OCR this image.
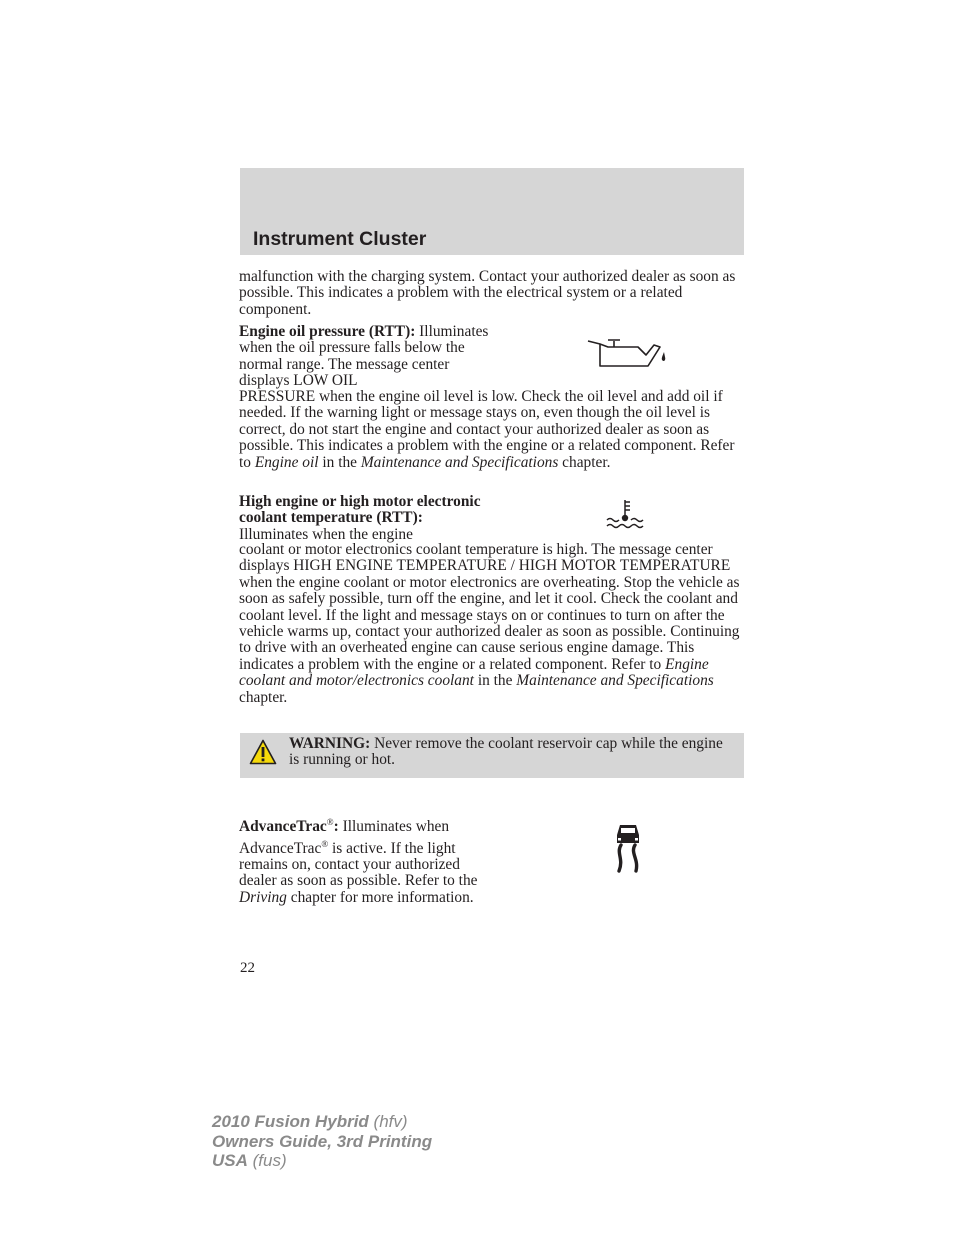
Instrument Cluster
malfunction with the charging system. Contact your authorized dealer as soon as possible. This indicates a problem with the electrical system or a related component.
Engine oil pressure (RTT): Illuminates when the oil pressure falls below the normal range. The message center displays LOW OIL
PRESSURE when the engine oil level is low. Check the oil level and add oil if needed. If the warning light or message stays on, even though the oil level is correct, do not start the engine and contact your authorized dealer as soon as possible. This indicates a problem with the engine or a related component. Refer to Engine oil in the Maintenance and Specifications chapter.
High engine or high motor electronic coolant temperature (RTT): Illuminates when the engine
coolant or motor electronics coolant temperature is high. The message center displays HIGH ENGINE TEMPERATURE / HIGH MOTOR TEMPERATURE when the engine coolant or motor electronics are overheating. Stop the vehicle as soon as safely possible, turn off the engine, and let it cool. Check the coolant and coolant level. If the light and message stays on or continues to turn on after the vehicle warms up, contact your authorized dealer as soon as possible. Continuing to drive with an overheated engine can cause serious engine damage. This indicates a problem with the engine or a related component. Refer to Engine coolant and motor/electronics coolant in the Maintenance and Specifications chapter.
WARNING: Never remove the coolant reservoir cap while the engine is running or hot.
AdvanceTrac®: Illuminates when AdvanceTrac® is active. If the light remains on, contact your authorized dealer as soon as possible. Refer to the Driving chapter for more information.
22
2010 Fusion Hybrid (hfv)
Owners Guide, 3rd Printing
USA (fus)
